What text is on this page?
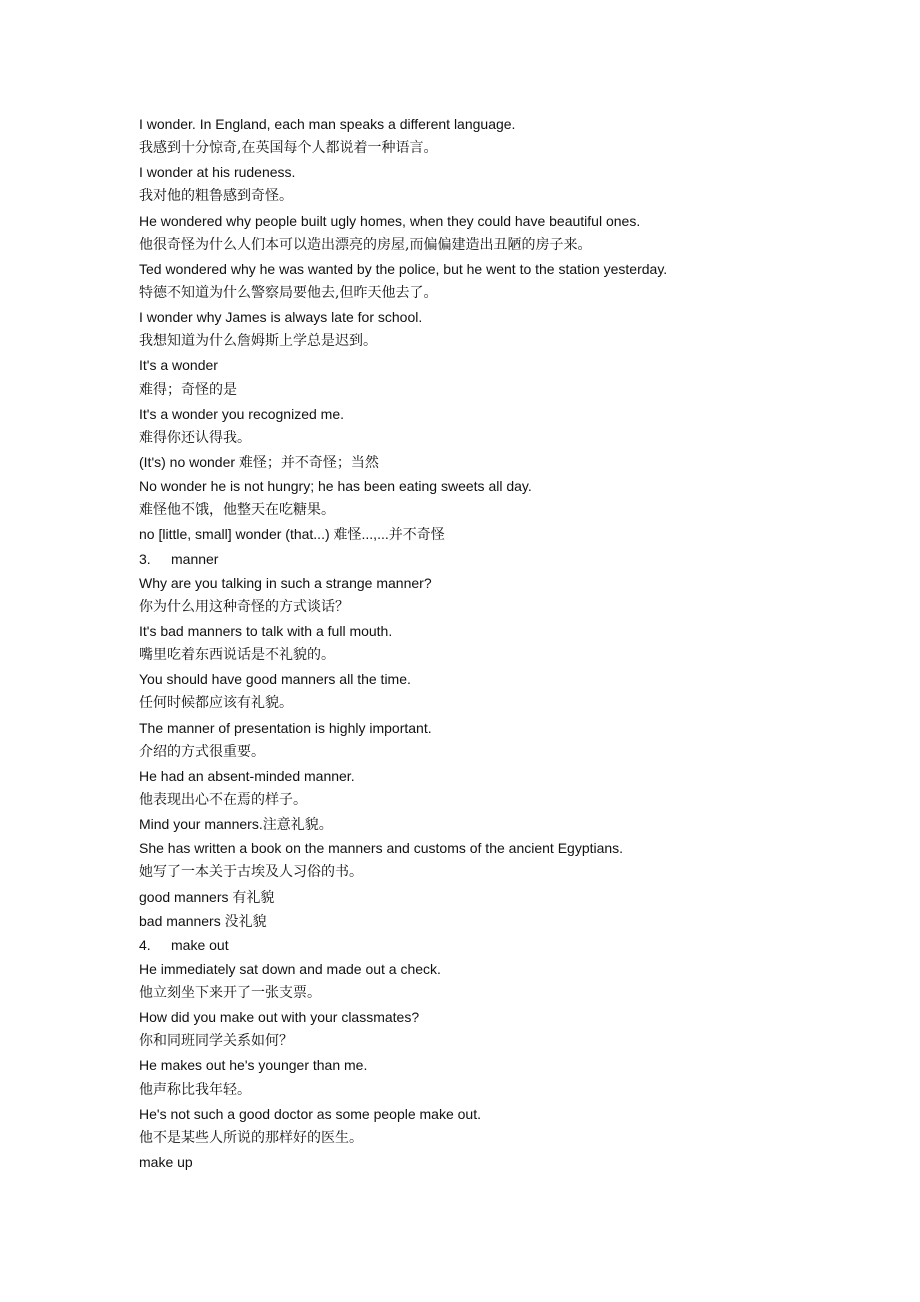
I wonder. In England, each man speaks a different language.
我感到十分惊奇,在英国每个人都说着一种语言。
I wonder at his rudeness.
我对他的粗鲁感到奇怪。
He wondered why people built ugly homes, when they could have beautiful ones.
他很奇怪为什么人们本可以造出漂亮的房屋,而偏偏建造出丑陋的房子来。
Ted wondered why he was wanted by the police, but he went to the station yesterday.
特德不知道为什么警察局要他去,但昨天他去了。
I wonder why James is always late for school.
我想知道为什么詹姆斯上学总是迟到。
It's a wonder
难得；奇怪的是
It's a wonder you recognized me.
难得你还认得我。
(It's) no wonder 难怪；并不奇怪；当然
No wonder he is not hungry; he has been eating sweets all day.
难怪他不饿，他整天在吃糖果。
no [little, small] wonder (that...) 难怪...,...并不奇怪
3. manner
Why are you talking in such a strange manner?
你为什么用这种奇怪的方式谈话？
It's bad manners to talk with a full mouth.
嘴里吃着东西说话是不礼貌的。
You should have good manners all the time.
任何时候都应该有礼貌。
The manner of presentation is highly important.
介绍的方式很重要。
He had an absent-minded manner.
他表现出心不在焉的样子。
Mind your manners.注意礼貌。
She has written a book on the manners and customs of the ancient Egyptians.
她写了一本关于古埃及人习俗的书。
good manners 有礼貌
bad manners 没礼貌
4. make out
He immediately sat down and made out a check.
他立刻坐下来开了一张支票。
How did you make out with your classmates?
你和同班同学关系如何？
He makes out he's younger than me.
他声称比我年轻。
He's not such a good doctor as some people make out.
他不是某些人所说的那样好的医生。
make up
